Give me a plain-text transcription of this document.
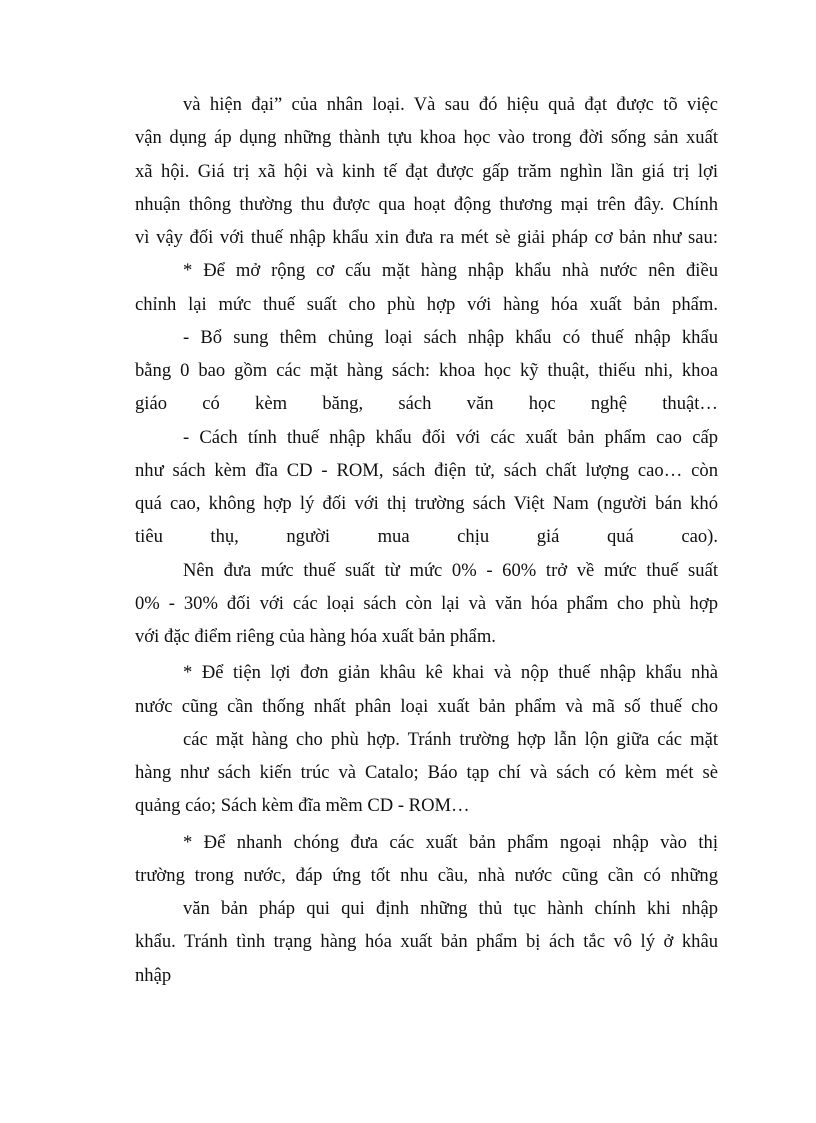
và hiện đại” của nhân loại. Và sau đó hiệu quả đạt được tõ việc
vận dụng áp dụng những thành tựu khoa học vào trong đời sống sản xuất
xã hội. Giá trị xã hội và kinh tế đạt được gấp trăm nghìn lần giá trị lợi
nhuận thông thường thu được qua hoạt động thương mại trên đây. Chính
vì vậy đối với thuế nhập khẩu xin đưa ra mét sè giải pháp cơ bản như sau:
* Để mở rộng cơ cấu mặt hàng nhập khẩu nhà nước nên điều
chỉnh lại mức thuế suất cho phù hợp với hàng hóa xuất bản phẩm.
- Bổ sung thêm chủng loại sách nhập khẩu có thuế nhập khẩu
bằng 0 bao gồm các mặt hàng sách: khoa học kỹ thuật, thiếu nhi, khoa
giáo có kèm băng, sách văn học nghệ thuật…
- Cách tính thuế nhập khẩu đối với các xuất bản phẩm cao cấp
như sách kèm đĩa CD - ROM, sách điện tử, sách chất lượng cao… còn
quá cao, không hợp lý đối với thị trường sách Việt Nam (người bán khó
tiêu thụ, người mua chịu giá quá cao).
Nên đưa mức thuế suất từ mức 0% - 60% trở về mức thuế suất
0% - 30% đối với các loại sách còn lại và văn hóa phẩm cho phù hợp
với đặc điểm riêng của hàng hóa xuất bản phẩm.
* Để tiện lợi đơn giản khâu kê khai và nộp thuế nhập khẩu nhà
nước cũng cần thống nhất phân loại xuất bản phẩm và mã số thuế cho
các mặt hàng cho phù hợp. Tránh trường hợp lẫn lộn giữa các mặt
hàng như sách kiến trúc và Catalo; Báo tạp chí và sách có kèm mét sè
quảng cáo; Sách kèm đĩa mềm CD - ROM…
* Để nhanh chóng đưa các xuất bản phẩm ngoại nhập vào thị
trường trong nước, đáp ứng tốt nhu cầu, nhà nước cũng cần có những
văn bản pháp qui qui định những thủ tục hành chính khi nhập
khẩu. Tránh tình trạng hàng hóa xuất bản phẩm bị ách tắc vô lý ở khâu
nhập
